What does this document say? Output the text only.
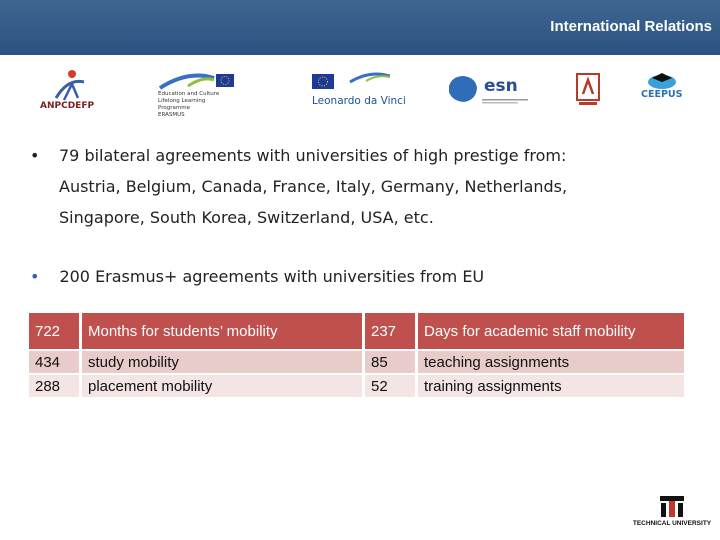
International Relations
ANPCDEFP
Education and Culture
Lifelong Learning Programme
ERASMUS
Leonardo da Vinci
esn	CEEPUS
•	79 bilateral agreements with universities of high prestige from:
Austria, Belgium, Canada, France, Italy, Germany, Netherlands,
Singapore, South Korea, Switzerland, USA, etc.
• 200 Erasmus+ agreements with universities from EU
722	Months for students’ mobility	237	Days for academic staff mobility
434	study mobility	85	teaching assignments
288	placement mobility	52	training assignments
TECHNICAL UNIVERSITY
